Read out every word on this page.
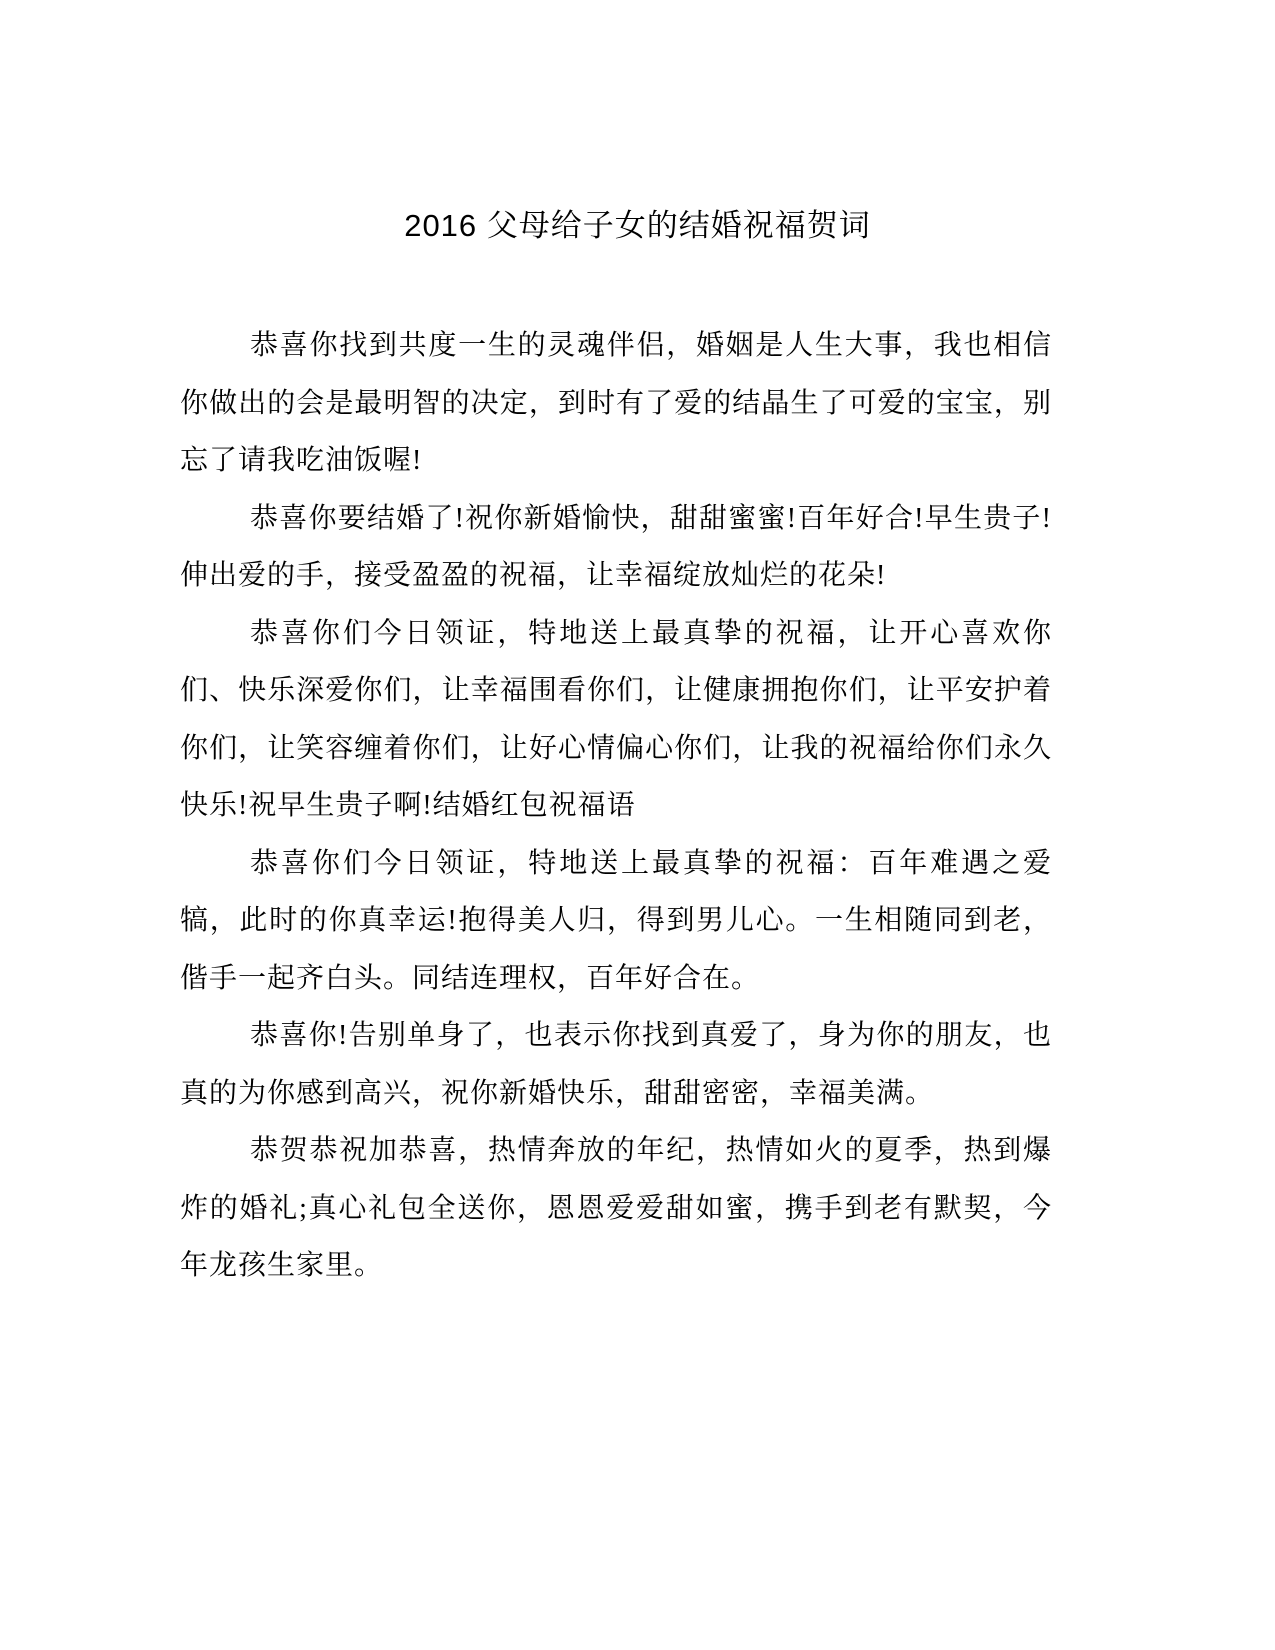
2016 父母给子女的结婚祝福贺词

恭喜你找到共度一生的灵魂伴侣，婚姻是人生大事，我也相信你做出的会是最明智的决定，到时有了爱的结晶生了可爱的宝宝，别忘了请我吃油饭喔!

恭喜你要结婚了!祝你新婚愉快，甜甜蜜蜜!百年好合!早生贵子!伸出爱的手，接受盈盈的祝福，让幸福绽放灿烂的花朵!

恭喜你们今日领证，特地送上最真挚的祝福，让开心喜欢你们、快乐深爱你们，让幸福围看你们，让健康拥抱你们，让平安护着你们，让笑容缠着你们，让好心情偏心你们，让我的祝福给你们永久快乐!祝早生贵子啊!结婚红包祝福语

恭喜你们今日领证，特地送上最真挚的祝福：百年难遇之爱犒，此时的你真幸运!抱得美人归，得到男儿心。一生相随同到老，偕手一起齐白头。同结连理权，百年好合在。

恭喜你!告别单身了，也表示你找到真爱了，身为你的朋友，也真的为你感到高兴，祝你新婚快乐，甜甜密密，幸福美满。

恭贺恭祝加恭喜，热情奔放的年纪，热情如火的夏季，热到爆炸的婚礼;真心礼包全送你，恩恩爱爱甜如蜜，携手到老有默契，今年龙孩生家里。
